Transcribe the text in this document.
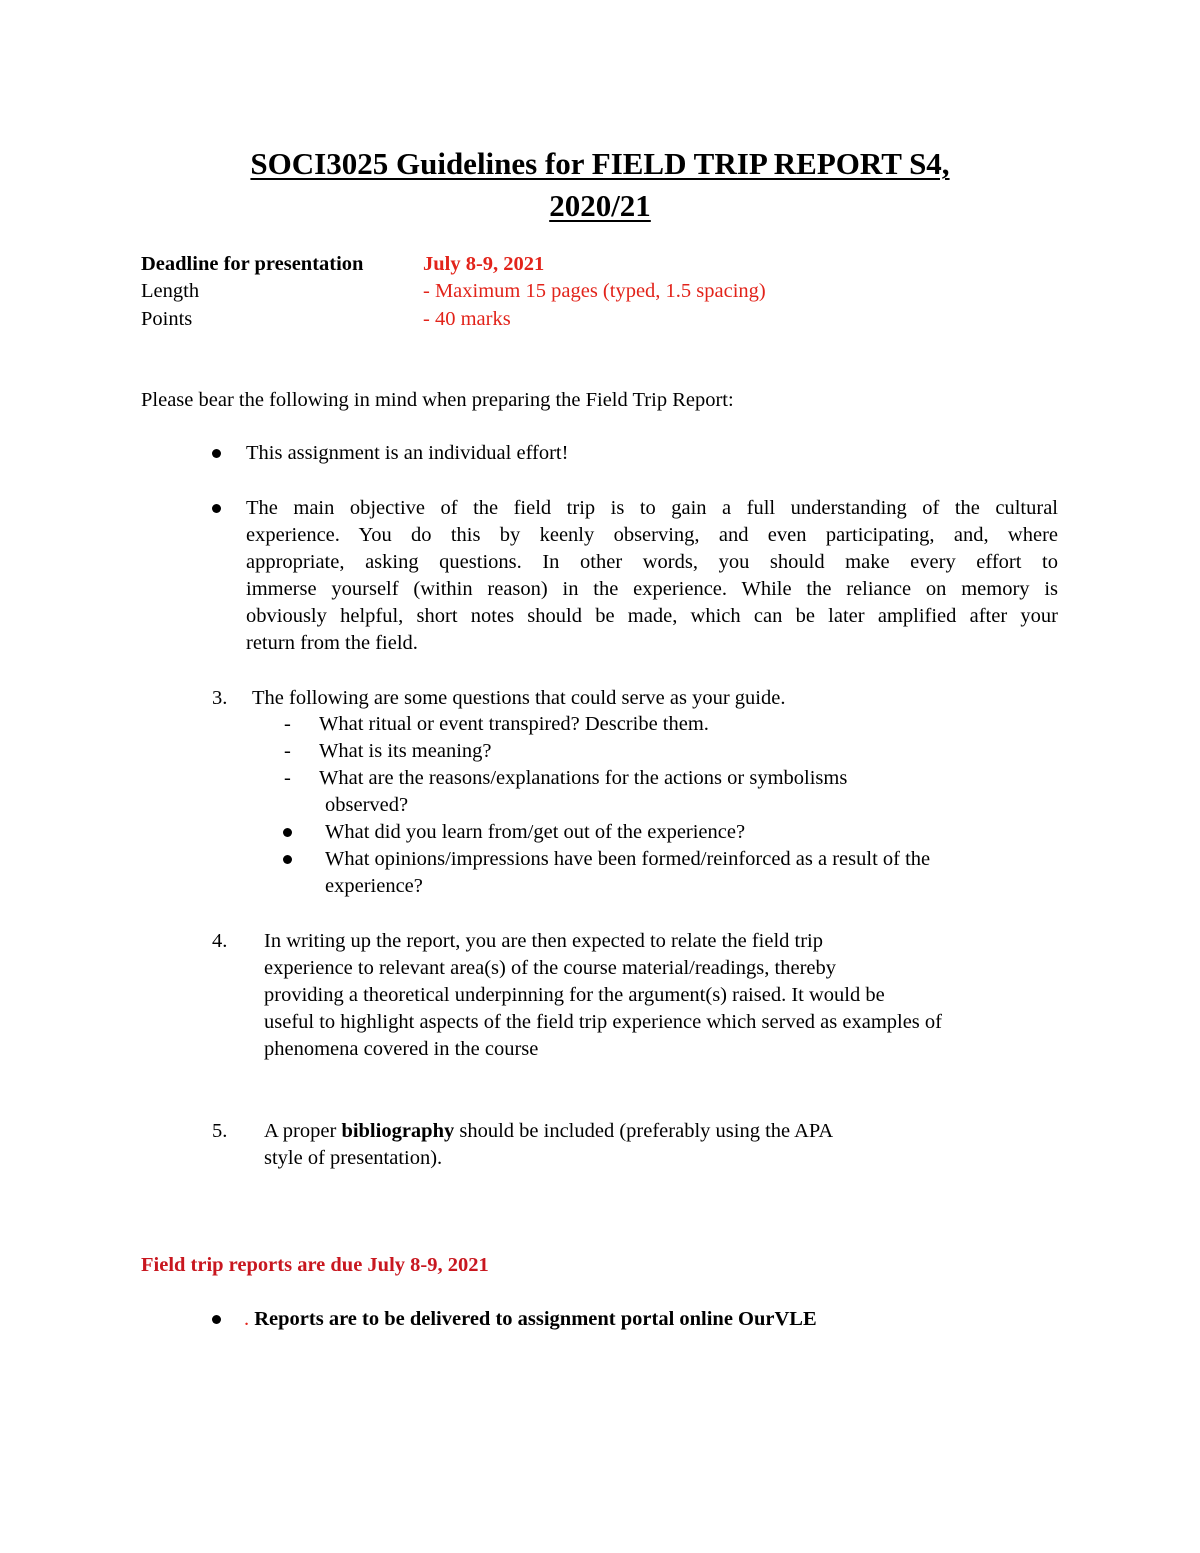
SOCI3025 Guidelines for FIELD TRIP REPORT S4,
2020/21
Deadline for presentation	July 8-9, 2021
Length	- Maximum 15 pages (typed, 1.5 spacing)
Points	- 40 marks
Please bear the following in mind when preparing the Field Trip Report:
This assignment is an individual effort!
The main objective of the field trip is to gain a full understanding of the cultural
experience. You do this by keenly observing, and even participating, and, where
appropriate, asking questions. In other words, you should make every effort to
immerse yourself (within reason) in the experience. While the reliance on memory is
obviously helpful, short notes should be made, which can be later amplified after your
return from the field.
3. The following are some questions that could serve as your guide.
- What ritual or event transpired? Describe them.
- What is its meaning?
- What are the reasons/explanations for the actions or symbolisms
observed?
What did you learn from/get out of the experience?
What opinions/impressions have been formed/reinforced as a result of the
experience?
4. In writing up the report, you are then expected to relate the field trip
experience to relevant area(s) of the course material/readings, thereby
providing a theoretical underpinning for the argument(s) raised. It would be
useful to highlight aspects of the field trip experience which served as examples of
phenomena covered in the course
5. A proper bibliography should be included (preferably using the APA
style of presentation).
Field trip reports are due July 8-9, 2021
. Reports are to be delivered to assignment portal online OurVLE
